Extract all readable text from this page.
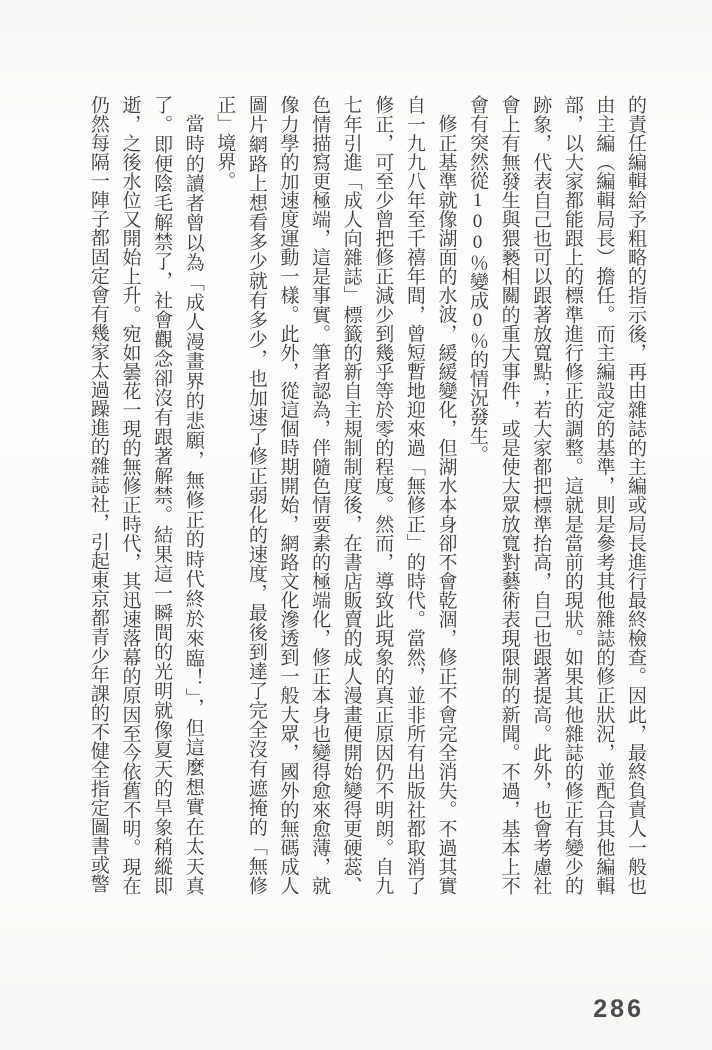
的責任編輯給予粗略的指示後，再由雜誌的主編或局長進行最終檢查。因此，最終負責人一般也由主編（編輯局長）擔任。而主編設定的基準，則是參考其他雜誌的修正狀況，並配合其他編輯部，以大家都能跟上的標準進行修正的調整。這就是當前的現狀。如果其他雜誌的修正有變少的跡象，代表自己也可以跟著放寬點；若大家都把標準抬高，自己也跟著提高。此外，也會考慮社會上有無發生與猥褻相關的重大事件，或是使大眾放寬對藝術表現限制的新聞。不過，基本上不會有突然從100％變成0％的情況發生。

修正基準就像湖面的水波，緩緩變化，但湖水本身卻不會乾涸，修正不會完全消失。不過其實自一九九八年至千禧年間，曾短暫地迎來過「無修正」的時代。當然，並非所有出版社都取消了修正，可至少曾把修正減少到幾乎等於零的程度。然而，導致此現象的真正原因仍不明朗。自九七年引進「成人向雜誌」標籤的新自主規制制度後，在書店販賣的成人漫畫便開始變得更硬蕊、色情描寫更極端，這是事實。筆者認為，伴隨色情要素的極端化，修正本身也變得愈來愈薄，就像力學的加速度運動一樣。此外，從這個時期開始，網路文化滲透到一般大眾，國外的無碼成人圖片網路上想看多少就有多少，也加速了修正弱化的速度，最後到達了完全沒有遮掩的「無修正」境界。

當時的讀者曾以為「成人漫畫界的悲願，無修正的時代終於來臨！」，但這麼想實在太天真了。即便陰毛解禁了，社會觀念卻沒有跟著解禁。結果這一瞬間的光明就像夏天的旱象稍縱即逝，之後水位又開始上升。宛如曇花一現的無修正時代，其迅速落幕的原因至今依舊不明。現在仍然每隔一陣子都固定會有幾家太過躁進的雜誌社，引起東京都青少年課的不健全指定圖書或警

286
